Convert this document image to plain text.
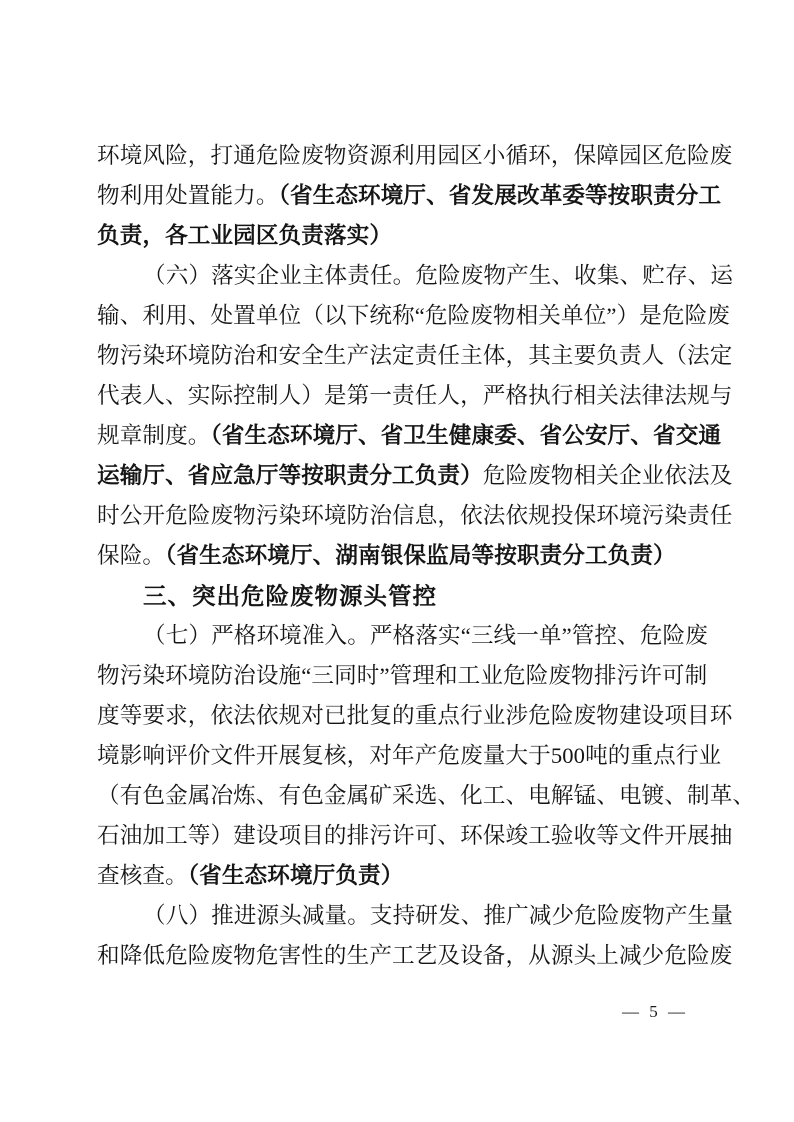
环境风险，打通危险废物资源利用园区小循环，保障园区危险废
物利用处置能力。（省生态环境厅、省发展改革委等按职责分工
负责，各工业园区负责落实）
（六）落实企业主体责任。危险废物产生、收集、贮存、运
输、利用、处置单位（以下统称“危险废物相关单位”）是危险废
物污染环境防治和安全生产法定责任主体，其主要负责人（法定
代表人、实际控制人）是第一责任人，严格执行相关法律法规与
规章制度。（省生态环境厅、省卫生健康委、省公安厅、省交通
运输厅、省应急厅等按职责分工负责）危险废物相关企业依法及
时公开危险废物污染环境防治信息，依法依规投保环境污染责任
保险。（省生态环境厅、湖南银保监局等按职责分工负责）
三、突出危险废物源头管控
（七）严格环境准入。严格落实“三线一单”管控、危险废
物污染环境防治设施“三同时”管理和工业危险废物排污许可制
度等要求，依法依规对已批复的重点行业涉危险废物建设项目环
境影响评价文件开展复核，对年产危废量大于500吨的重点行业
（有色金属冶炼、有色金属矿采选、化工、电解锰、电镀、制革、
石油加工等）建设项目的排污许可、环保竣工验收等文件开展抽
查核查。（省生态环境厅负责）
（八）推进源头减量。支持研发、推广减少危险废物产生量
和降低危险废物危害性的生产工艺及设备，从源头上减少危险废
— 5 —
